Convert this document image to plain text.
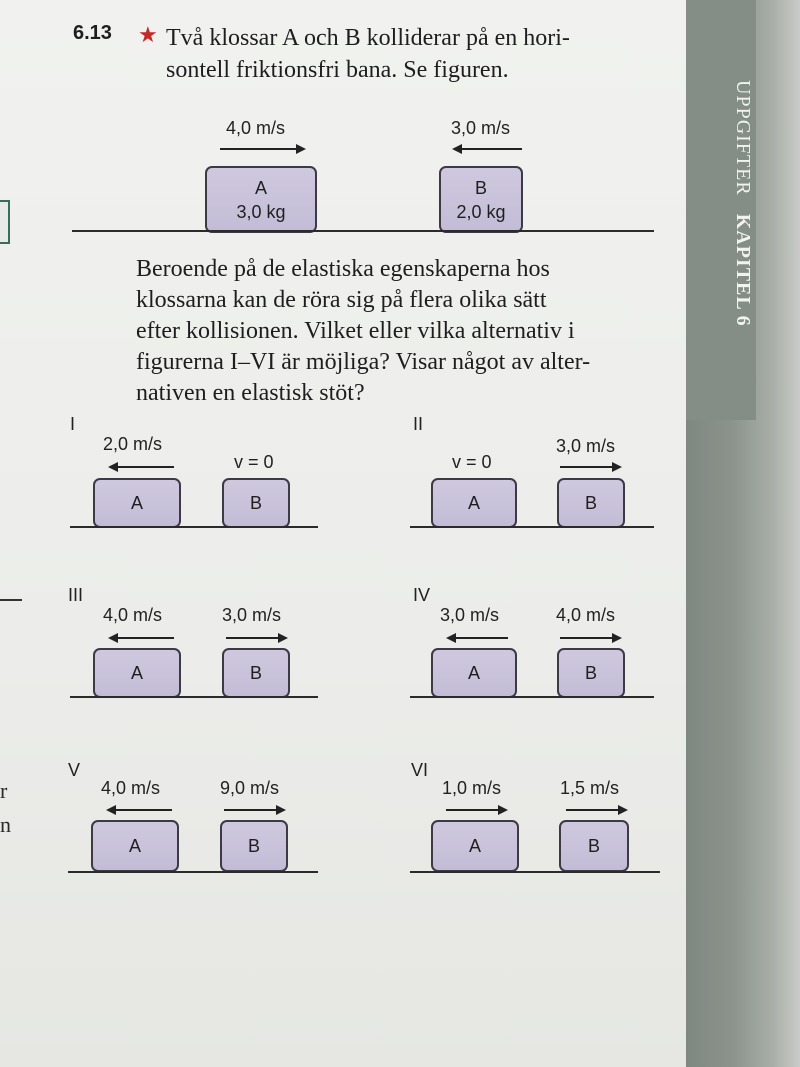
UPPGIFTERKAPITEL 6
r
n
6.13 ★ Två klossar A och B kolliderar på en hori-
sontell friktionsfri bana. Se figuren.
4,0 m/s
A
3,0 kg
3,0 m/s
B
2,0 kg
Beroende på de elastiska egenskaperna hos
klossarna kan de röra sig på flera olika sätt
efter kollisionen. Vilket eller vilka alternativ i
figurerna I–VI är möjliga? Visar något av alter-
nativen en elastisk stöt?
I
2,0 m/s
v = 0
A	B
II
v = 0
3,0 m/s
A	B
III
4,0 m/s	3,0 m/s
A	B
IV
3,0 m/s	4,0 m/s
A	B
V
4,0 m/s	9,0 m/s
A	B
VI
1,0 m/s	1,5 m/s
A	B
